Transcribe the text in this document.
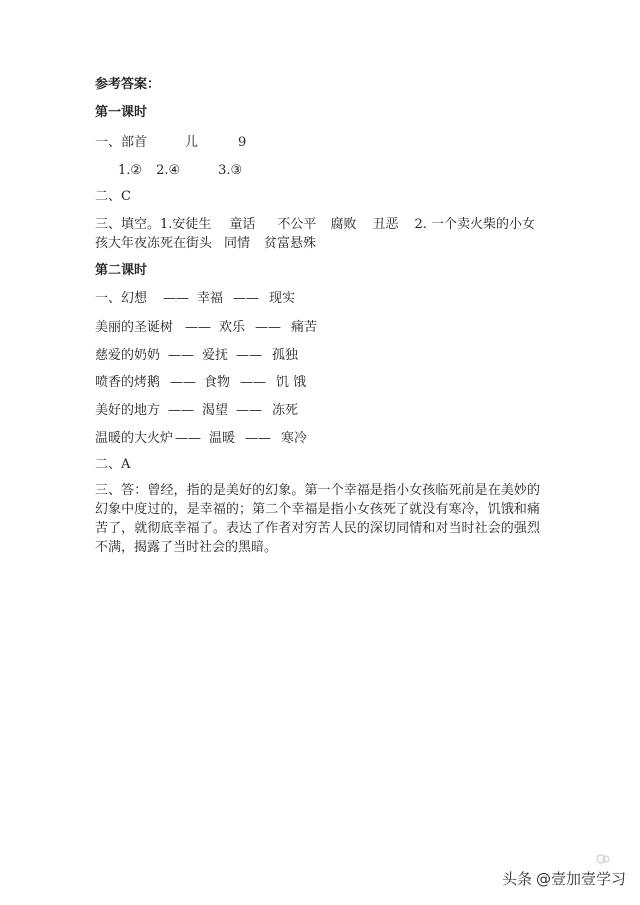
参考答案：
第一课时
一、部首	儿	9
1.② 2.④	3.③
二、C
三、填空。1.安徒生 童话 不公平 腐败 丑恶 2. 一个卖火柴的小女
孩大年夜冻死在街头 同情 贫富悬殊
第二课时
一、幻想 —— 幸福 —— 现实
美丽的圣诞树 —— 欢乐 —— 痛苦
慈爱的奶奶 —— 爱抚 —— 孤独
喷香的烤鹅 —— 食物 —— 饥 饿
美好的地方 —— 渴望 —— 冻死
温暖的大火炉 —— 温暖 —— 寒冷
二、A
三、答：曾经，指的是美好的幻象。第一个幸福是指小女孩临死前是在美妙的幻象中度过的，是幸福的；第二个幸福是指小女孩死了就没有寒冷，饥饿和痛苦了，就彻底幸福了。表达了作者对穷苦人民的深切同情和对当时社会的强烈不满，揭露了当时社会的黑暗。
头条 @壹加壹学习
